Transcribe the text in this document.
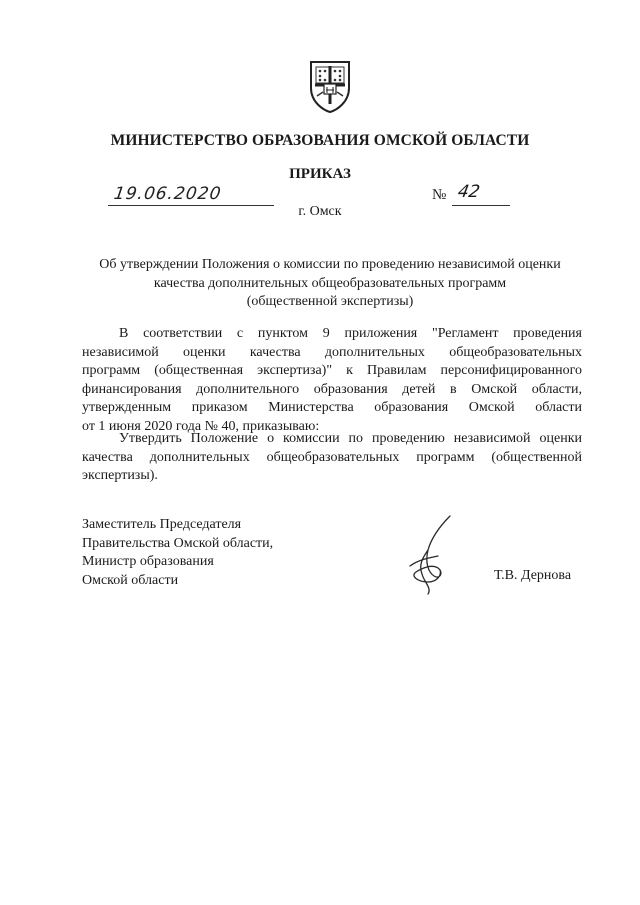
МИНИСТЕРСТВО ОБРАЗОВАНИЯ ОМСКОЙ ОБЛАСТИ
ПРИКАЗ
19.06.2020	№ 42
г. Омск
Об утверждении Положения о комиссии по проведению независимой оценки
качества дополнительных общеобразовательных программ
(общественной экспертизы)
В соответствии с пунктом 9 приложения "Регламент проведения
независимой оценки качества дополнительных общеобразовательных
программ (общественная экспертиза)" к Правилам персонифицированного
финансирования дополнительного образования детей в Омской области,
утвержденным приказом Министерства образования Омской области
от 1 июня 2020 года № 40, приказываю:
Утвердить Положение о комиссии по проведению независимой оценки
качества дополнительных общеобразовательных программ (общественной
экспертизы).
Заместитель Председателя
Правительства Омской области,
Министр образования
Омской области	Т.В. Дернова
